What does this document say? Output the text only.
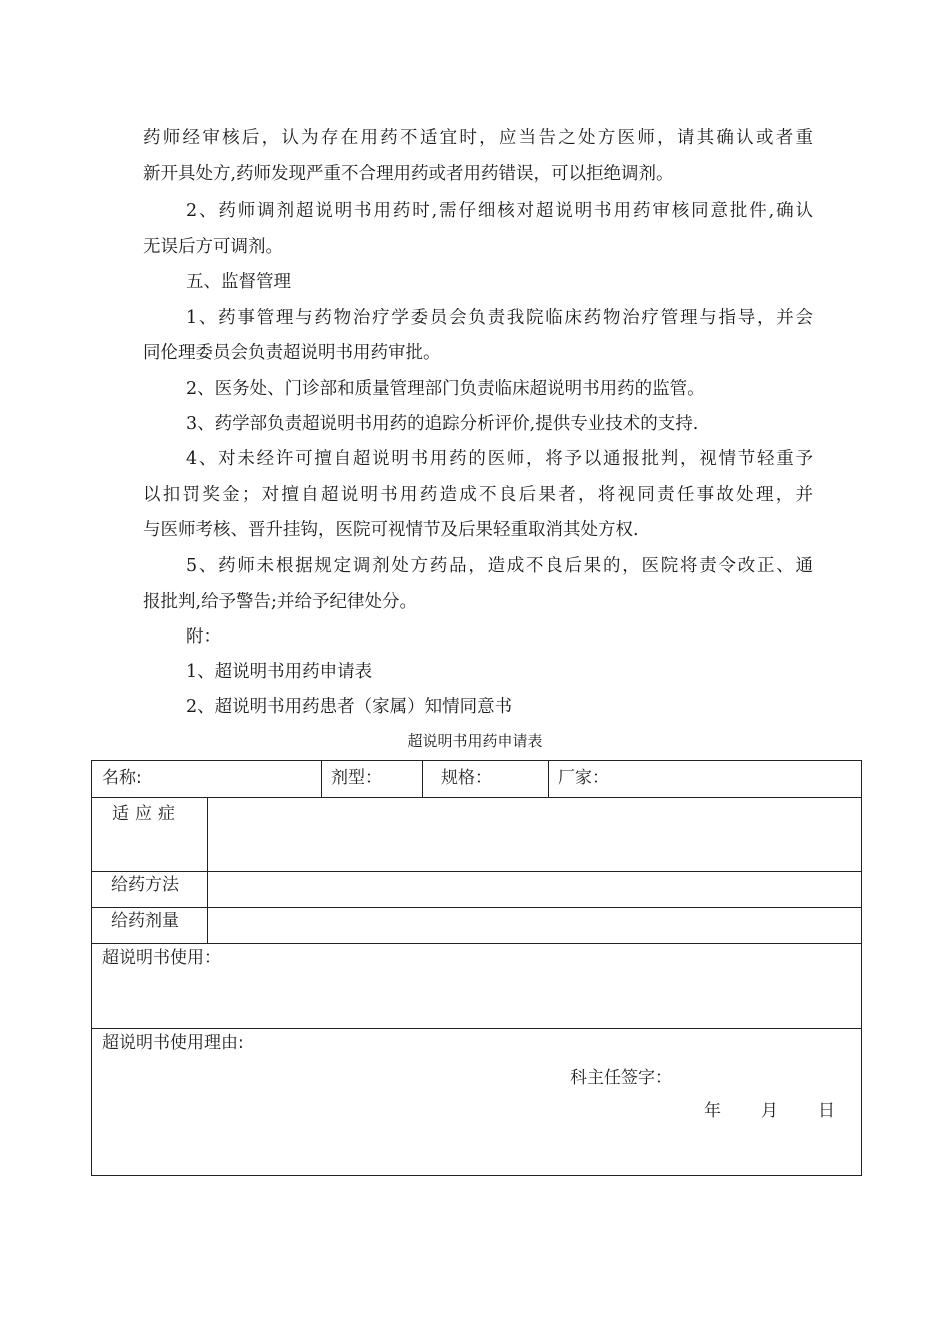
药师经审核后，认为存在用药不适宜时，应当告之处方医师，请其确认或者重
新开具处方,药师发现严重不合理用药或者用药错误，可以拒绝调剂。
2、药师调剂超说明书用药时,需仔细核对超说明书用药审核同意批件,确认
无误后方可调剂。
五、监督管理
1、药事管理与药物治疗学委员会负责我院临床药物治疗管理与指导，并会
同伦理委员会负责超说明书用药审批。
2、医务处、门诊部和质量管理部门负责临床超说明书用药的监管。
3、药学部负责超说明书用药的追踪分析评价,提供专业技术的支持.
4、对未经许可擅自超说明书用药的医师，将予以通报批判，视情节轻重予
以扣罚奖金；对擅自超说明书用药造成不良后果者，将视同责任事故处理，并
与医师考核、晋升挂钩，医院可视情节及后果轻重取消其处方权.
5、药师未根据规定调剂处方药品，造成不良后果的，医院将责令改正、通
报批判,给予警告;并给予纪律处分。
附：
1、超说明书用药申请表
2、超说明书用药患者（家属）知情同意书
超说明书用药申请表
名称:	剂型：	规格：	厂家：
适应症
给药方法
给药剂量
超说明书使用：
超说明书使用理由:
科主任签字：
年 月 日
